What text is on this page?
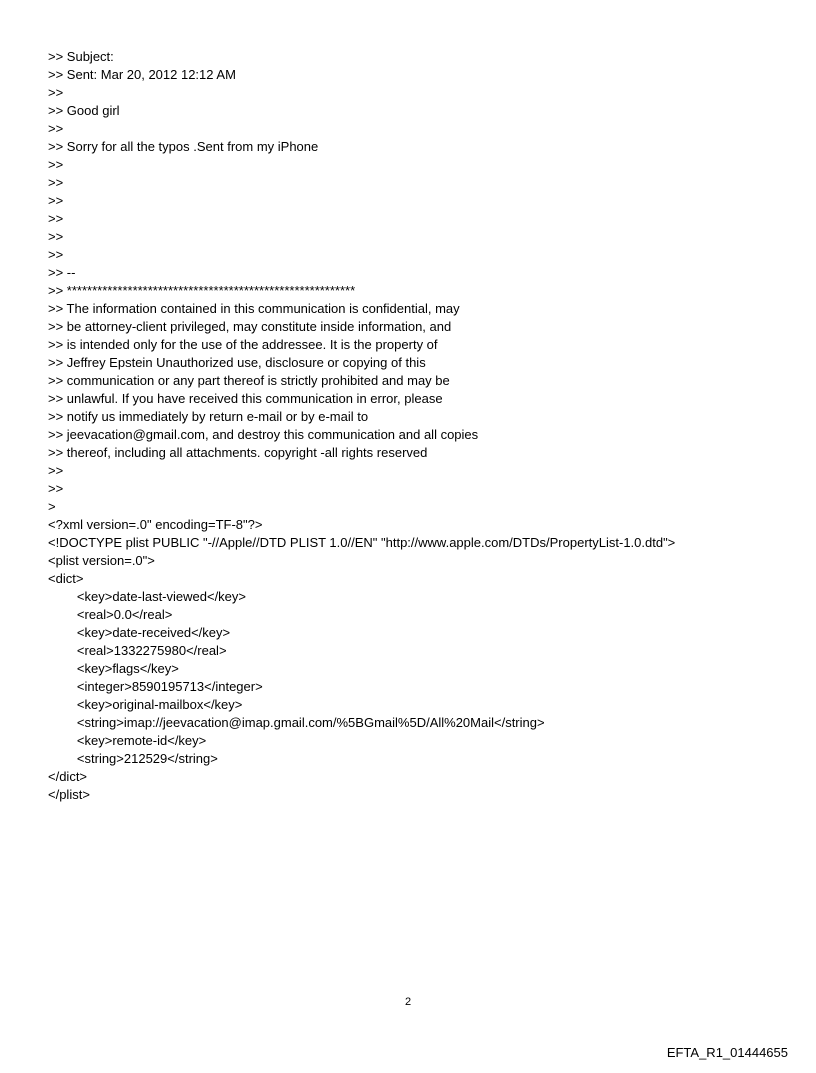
>> Subject:
>> Sent: Mar 20, 2012 12:12 AM
>>
>> Good girl
>>
>> Sorry for all the typos .Sent from my iPhone
>>
>>
>>
>>
>>
>>
>> --
>> *********************************************************
>> The information contained in this communication is confidential, may
>> be attorney-client privileged, may constitute inside information, and
>> is intended only for the use of the addressee. It is the property of
>> Jeffrey Epstein Unauthorized use, disclosure or copying of this
>> communication or any part thereof is strictly prohibited and may be
>> unlawful. If you have received this communication in error, please
>> notify us immediately by return e-mail or by e-mail to
>> jeevacation@gmail.com, and destroy this communication and all copies
>> thereof, including all attachments. copyright -all rights reserved
>>
>>
>
<?xml version=.0" encoding=TF-8"?>
<!DOCTYPE plist PUBLIC "-//Apple//DTD PLIST 1.0//EN" "http://www.apple.com/DTDs/PropertyList-1.0.dtd">
<plist version=.0">
<dict>
	<key>date-last-viewed</key>
	<real>0.0</real>
	<key>date-received</key>
	<real>1332275980</real>
	<key>flags</key>
	<integer>8590195713</integer>
	<key>original-mailbox</key>
	<string>imap://jeevacation@imap.gmail.com/%5BGmail%5D/All%20Mail</string>
	<key>remote-id</key>
	<string>212529</string>
</dict>
</plist>
2
EFTA_R1_01444655
